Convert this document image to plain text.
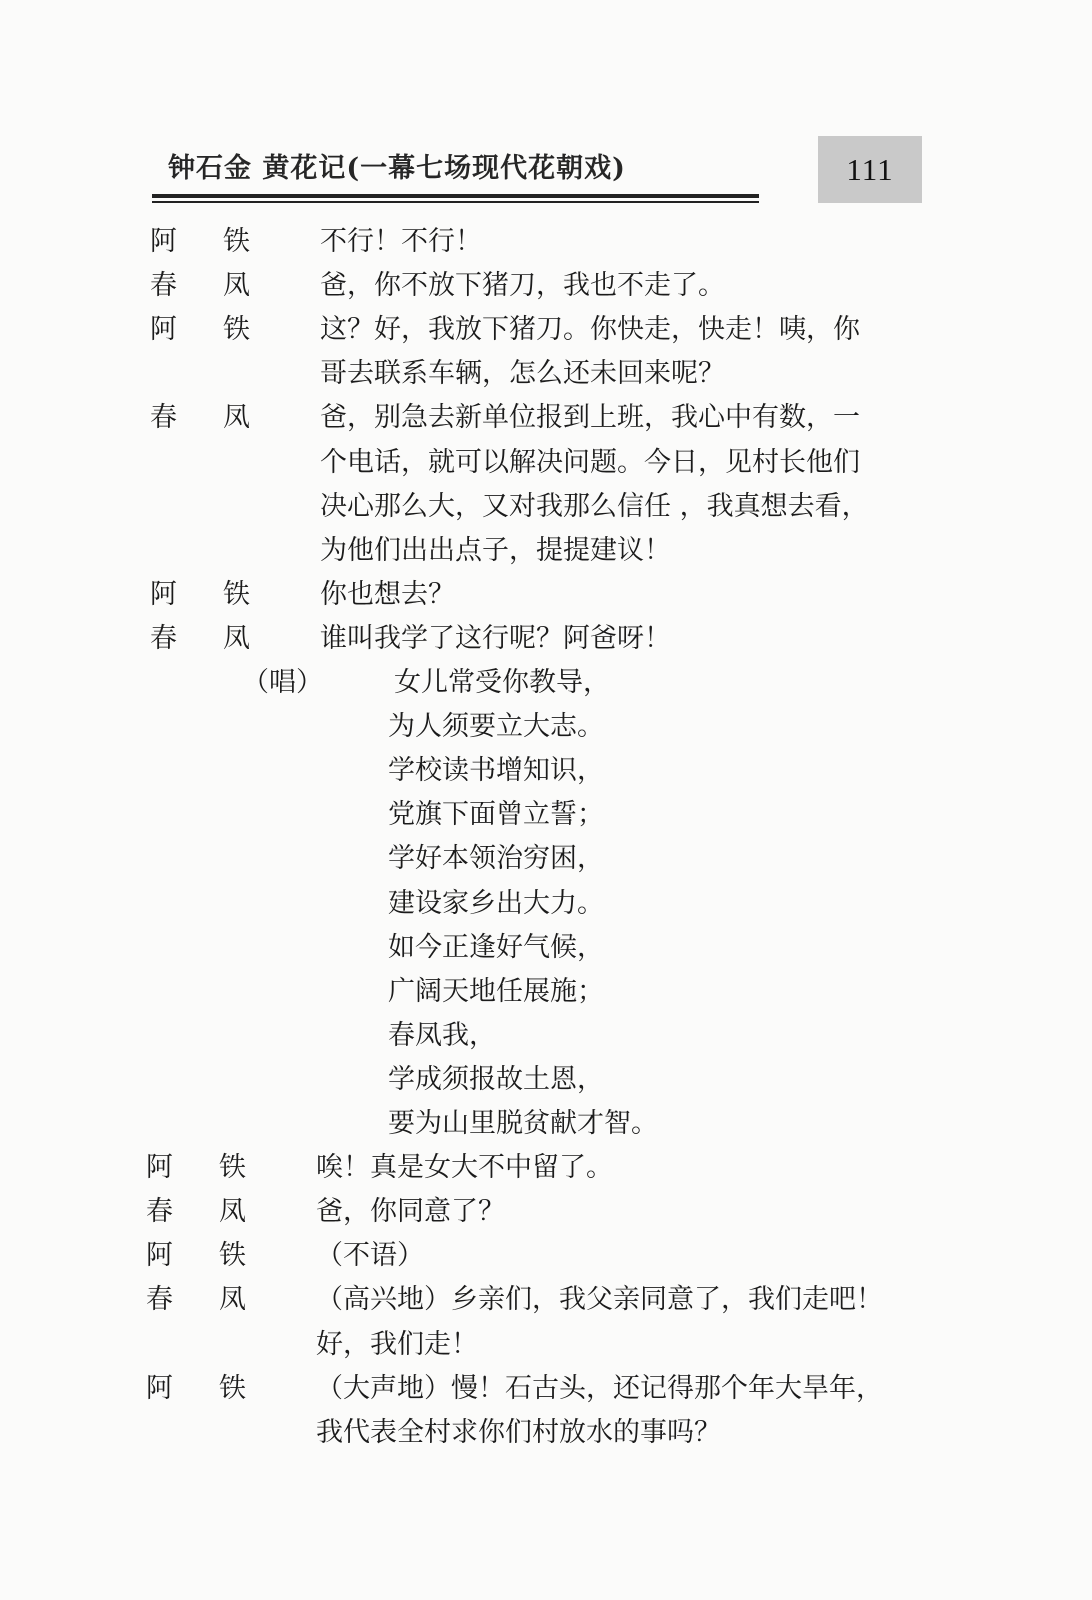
钟石金 黄花记(一幕七场现代花朝戏)	111
阿 铁	不行！不行！
春 凤	爸，你不放下猪刀，我也不走了。
阿 铁	这？好，我放下猪刀。你快走，快走！咦，你
哥去联系车辆，怎么还未回来呢？
春 凤	爸，别急去新单位报到上班，我心中有数，一
个电话，就可以解决问题。今日，见村长他们
决心那么大，又对我那么信任 ，我真想去看，
为他们出出点子，提提建议！
阿 铁	你也想去？
春 凤	谁叫我学了这行呢？阿爸呀！
（唱）	女儿常受你教导，
为人须要立大志。
学校读书增知识，
党旗下面曾立誓；
学好本领治穷困，
建设家乡出大力。
如今正逢好气候，
广阔天地任展施；
春凤我，
学成须报故土恩，
要为山里脱贫献才智。
阿 铁	唉！真是女大不中留了。
春 凤	爸，你同意了？
阿 铁	（不语）
春 凤	（高兴地）乡亲们，我父亲同意了，我们走吧！
好，我们走！
阿 铁	（大声地）慢！石古头，还记得那个年大旱年，
我代表全村求你们村放水的事吗？
